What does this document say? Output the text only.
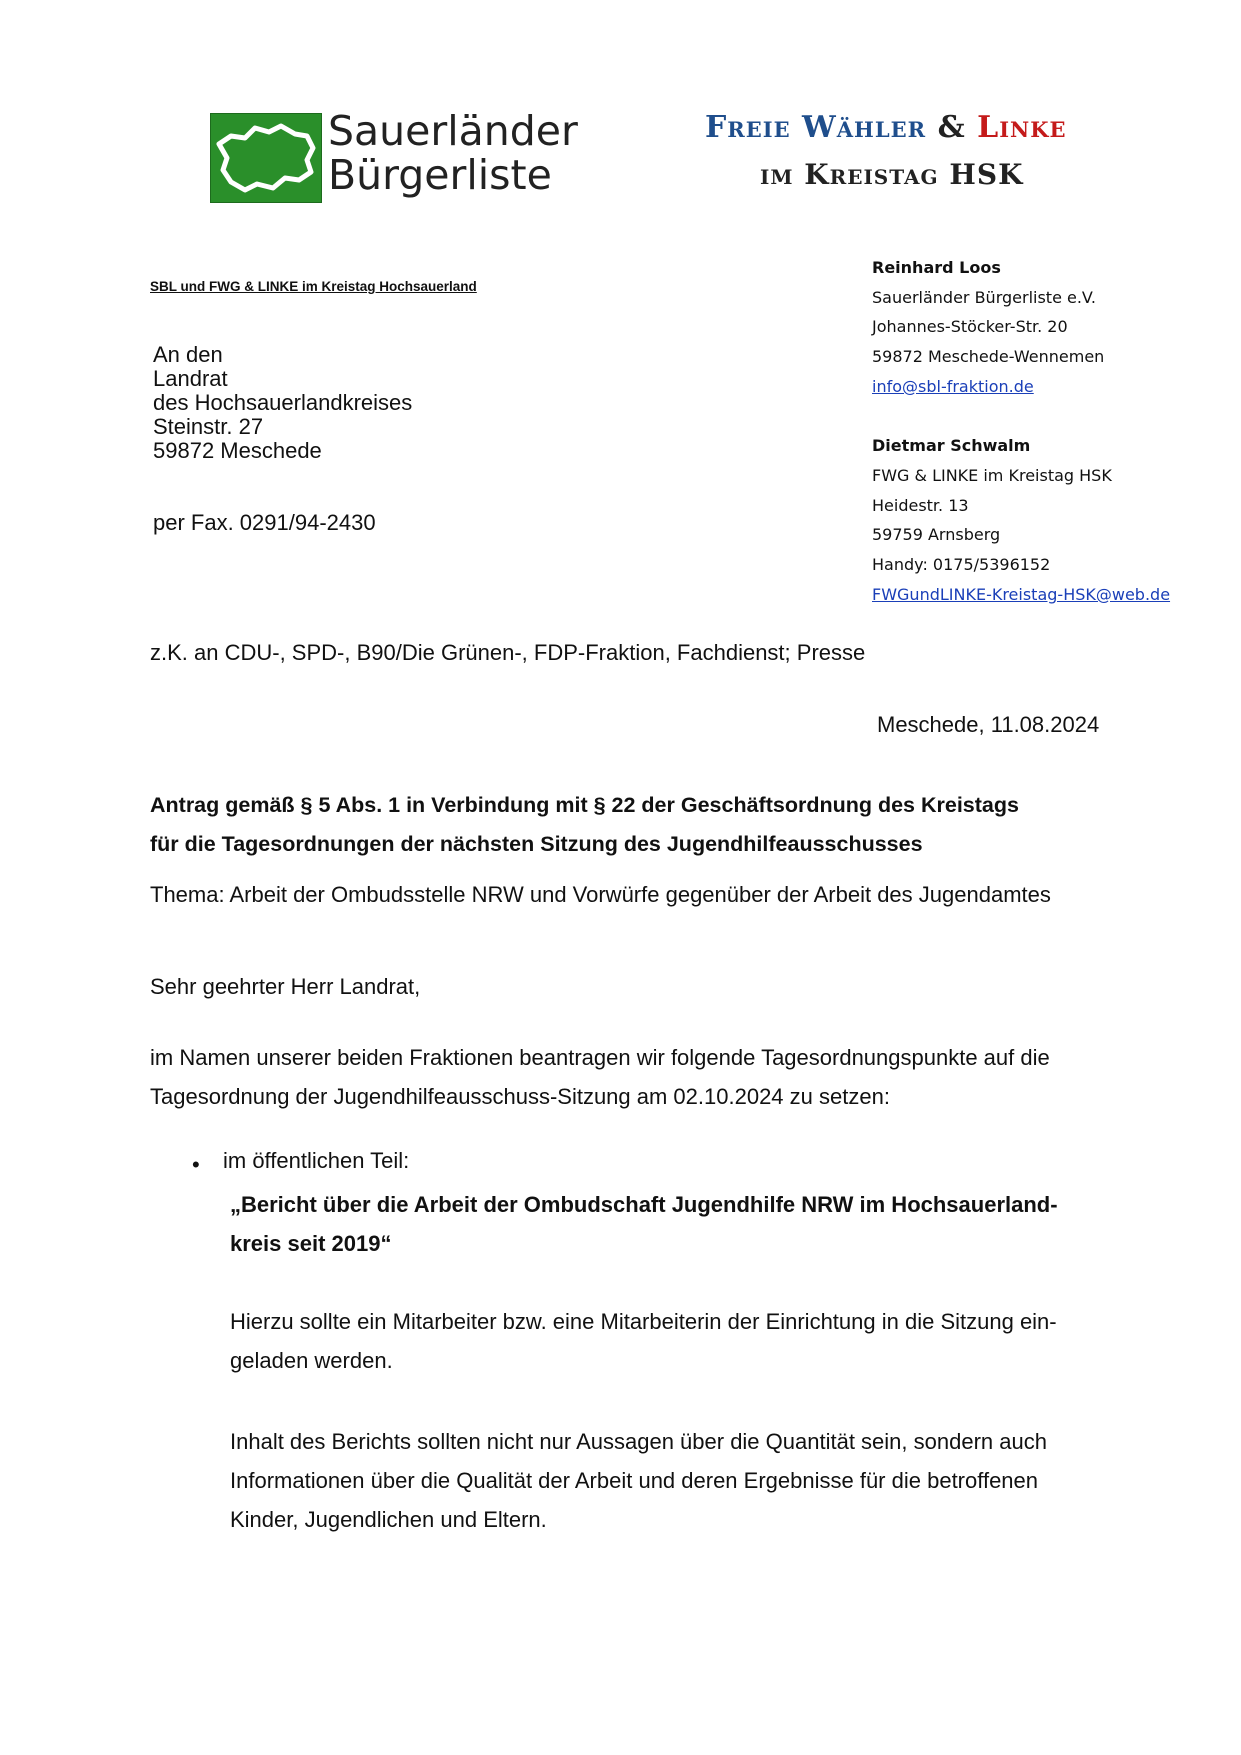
Sauerländer
Bürgerliste
Freie Wähler & Linke
im Kreistag HSK
SBL und FWG & LINKE im Kreistag Hochsauerland
An den
Landrat
des Hochsauerlandkreises
Steinstr. 27
59872 Meschede
per Fax. 0291/94-2430
Reinhard Loos
Sauerländer Bürgerliste e.V.
Johannes-Stöcker-Str. 20
59872 Meschede-Wennemen
info@sbl-fraktion.de
Dietmar Schwalm
FWG & LINKE im Kreistag HSK
Heidestr. 13
59759 Arnsberg
Handy: 0175/5396152
FWGundLINKE-Kreistag-HSK@web.de
z.K. an CDU-, SPD-, B90/Die Grünen-, FDP-Fraktion, Fachdienst; Presse
Meschede, 11.08.2024
Antrag gemäß § 5 Abs. 1 in Verbindung mit § 22 der Geschäftsordnung des Kreistags
für die Tagesordnungen der nächsten Sitzung des Jugendhilfeausschusses
Thema: Arbeit der Ombudsstelle NRW und Vorwürfe gegenüber der Arbeit des Jugendamtes
Sehr geehrter Herr Landrat,
im Namen unserer beiden Fraktionen beantragen wir folgende Tagesordnungspunkte auf die
Tagesordnung der Jugendhilfeausschuss-Sitzung am 02.10.2024 zu setzen:
• im öffentlichen Teil:
„Bericht über die Arbeit der Ombudschaft Jugendhilfe NRW im Hochsauerland-
kreis seit 2019“
Hierzu sollte ein Mitarbeiter bzw. eine Mitarbeiterin der Einrichtung in die Sitzung ein-
geladen werden.
Inhalt des Berichts sollten nicht nur Aussagen über die Quantität sein, sondern auch
Informationen über die Qualität der Arbeit und deren Ergebnisse für die betroffenen
Kinder, Jugendlichen und Eltern.
